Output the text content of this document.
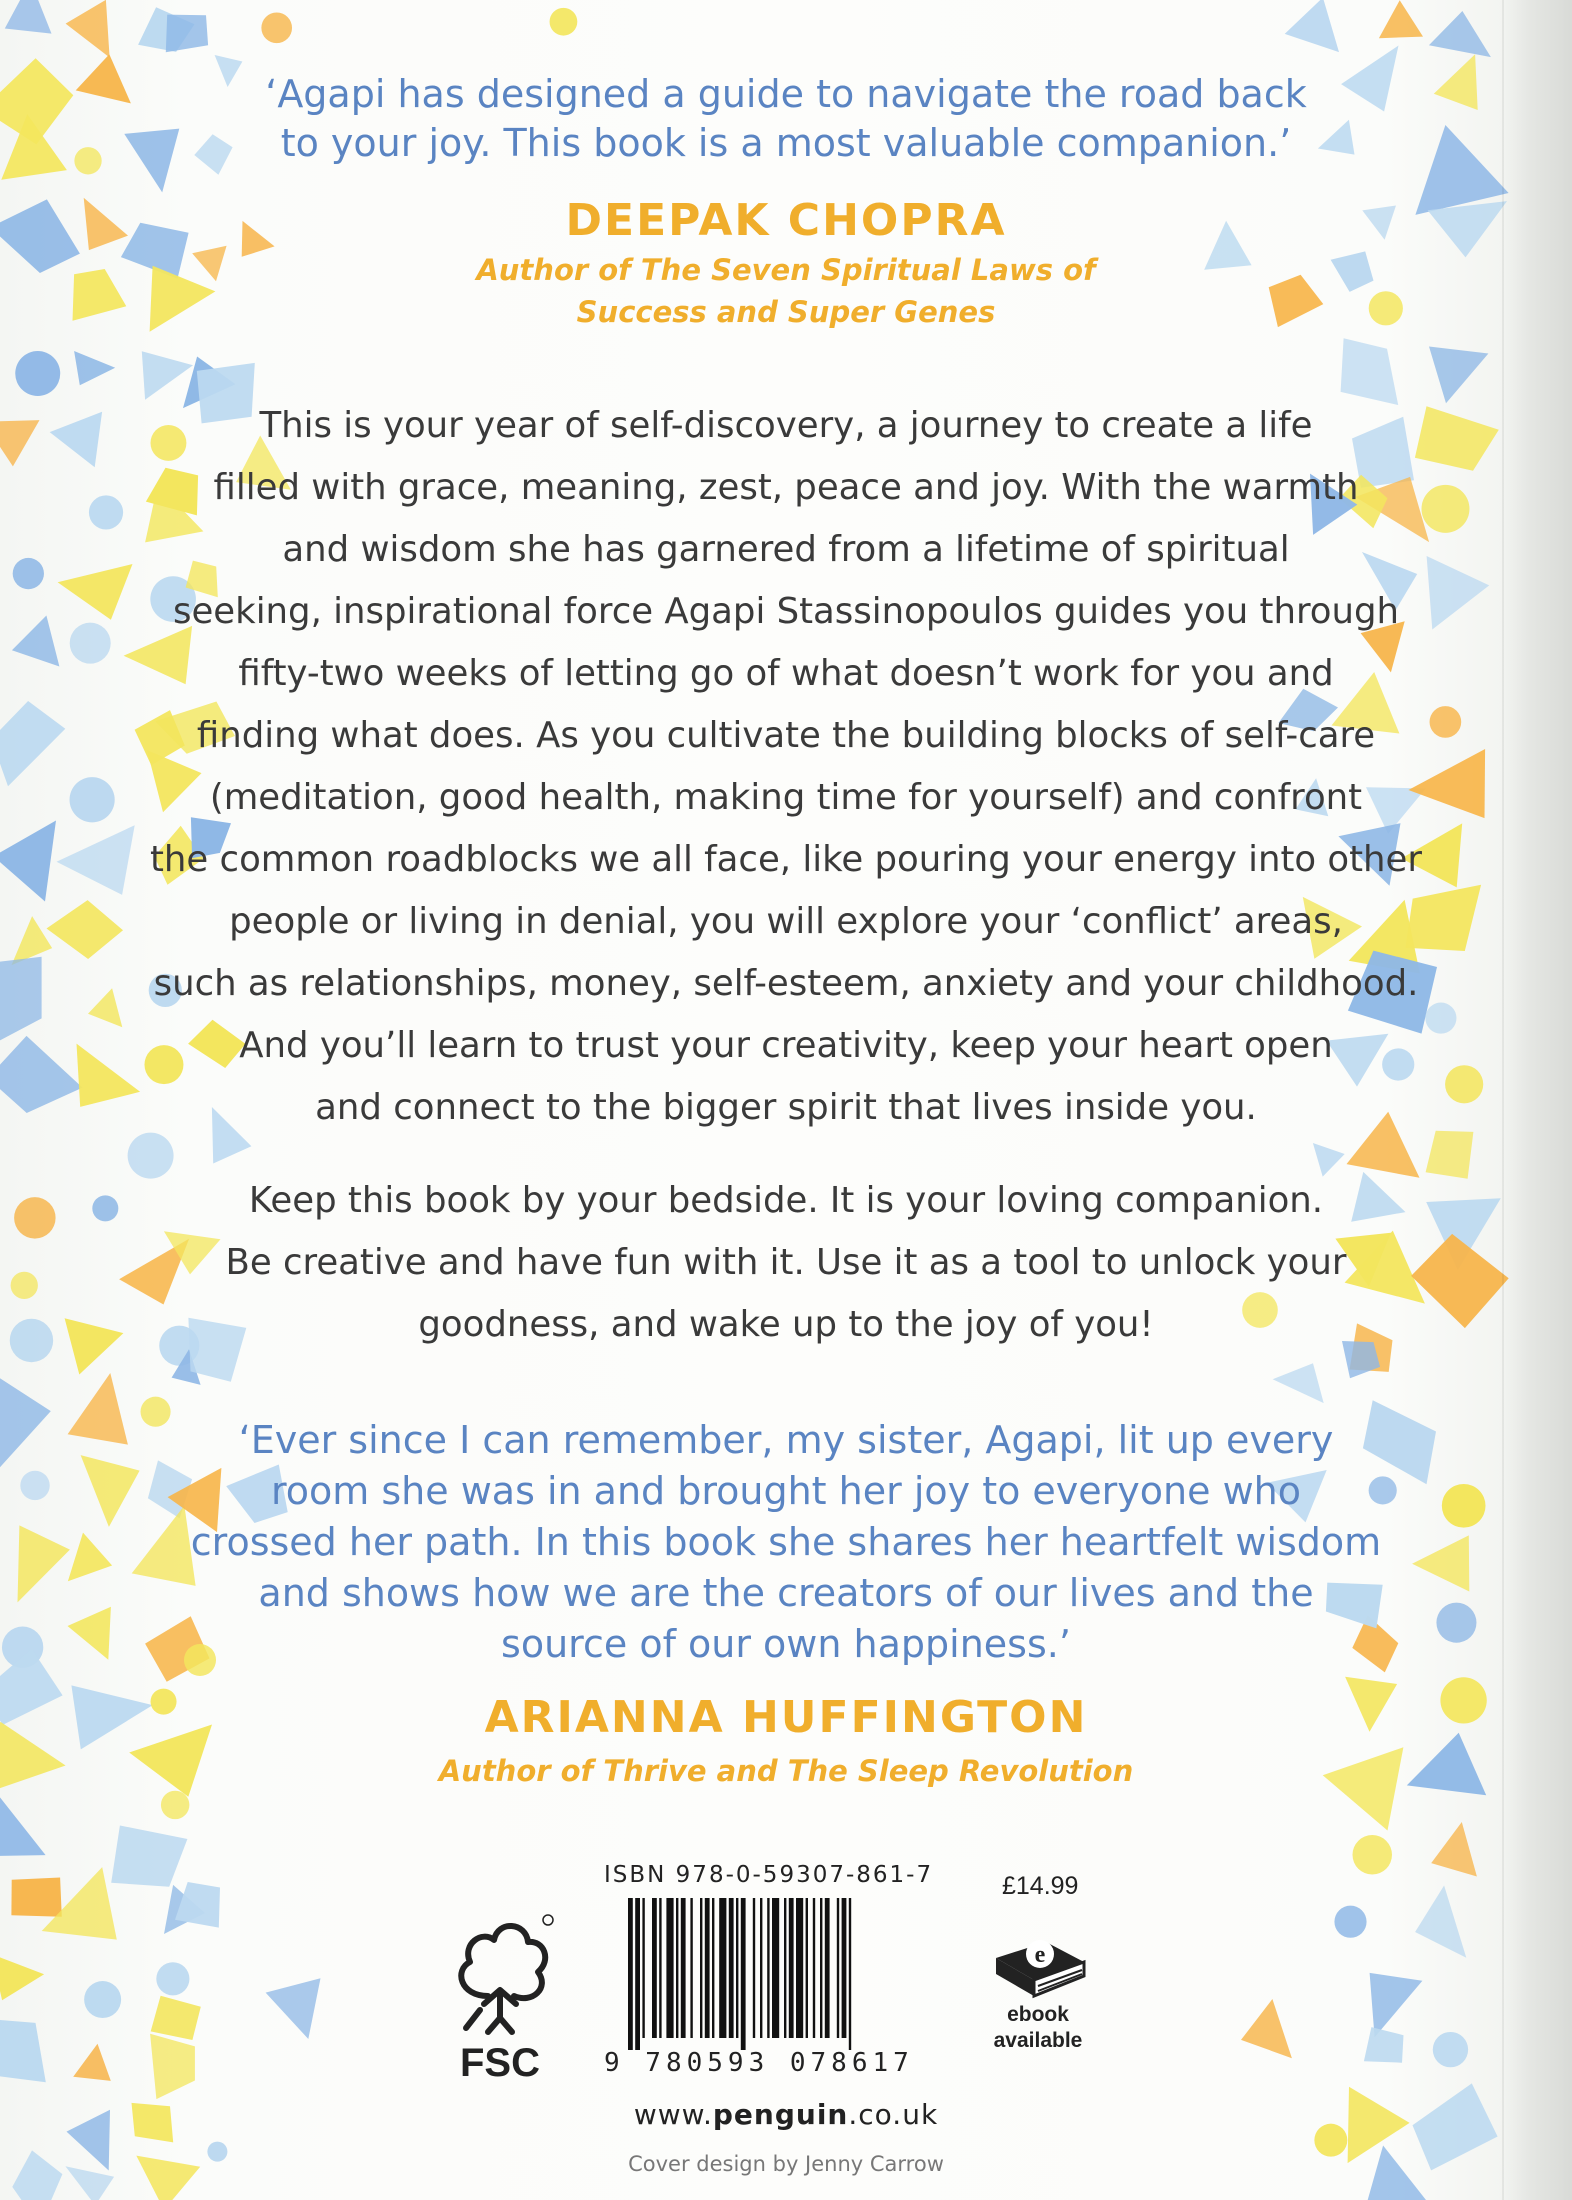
‘Agapi has designed a guide to navigate the road back

to your joy. This book is a most valuable companion.’

DEEPAK CHOPRA

Author of The Seven Spiritual Laws of

Success and Super Genes

This is your year of self-discovery, a journey to create a life

filled with grace, meaning, zest, peace and joy. With the warmth

and wisdom she has garnered from a lifetime of spiritual

seeking, inspirational force Agapi Stassinopoulos guides you through

fifty-two weeks of letting go of what doesn’t work for you and

finding what does. As you cultivate the building blocks of self-care

(meditation, good health, making time for yourself) and confront

the common roadblocks we all face, like pouring your energy into other

people or living in denial, you will explore your ‘conflict’ areas,

such as relationships, money, self-esteem, anxiety and your childhood.

And you’ll learn to trust your creativity, keep your heart open

and connect to the bigger spirit that lives inside you.

Keep this book by your bedside. It is your loving companion.

Be creative and have fun with it. Use it as a tool to unlock your

goodness, and wake up to the joy of you!

‘Ever since I can remember, my sister, Agapi, lit up every

room she was in and brought her joy to everyone who

crossed her path. In this book she shares her heartfelt wisdom

and shows how we are the creators of our lives and the

source of our own happiness.’

ARIANNA HUFFINGTON

Author of Thrive and The Sleep Revolution

FSC
ISBN 978-0-59307-861-7
9 780593 078617
£14.99
e
ebook
available
www.penguin.co.uk
Cover design by Jenny Carrow
